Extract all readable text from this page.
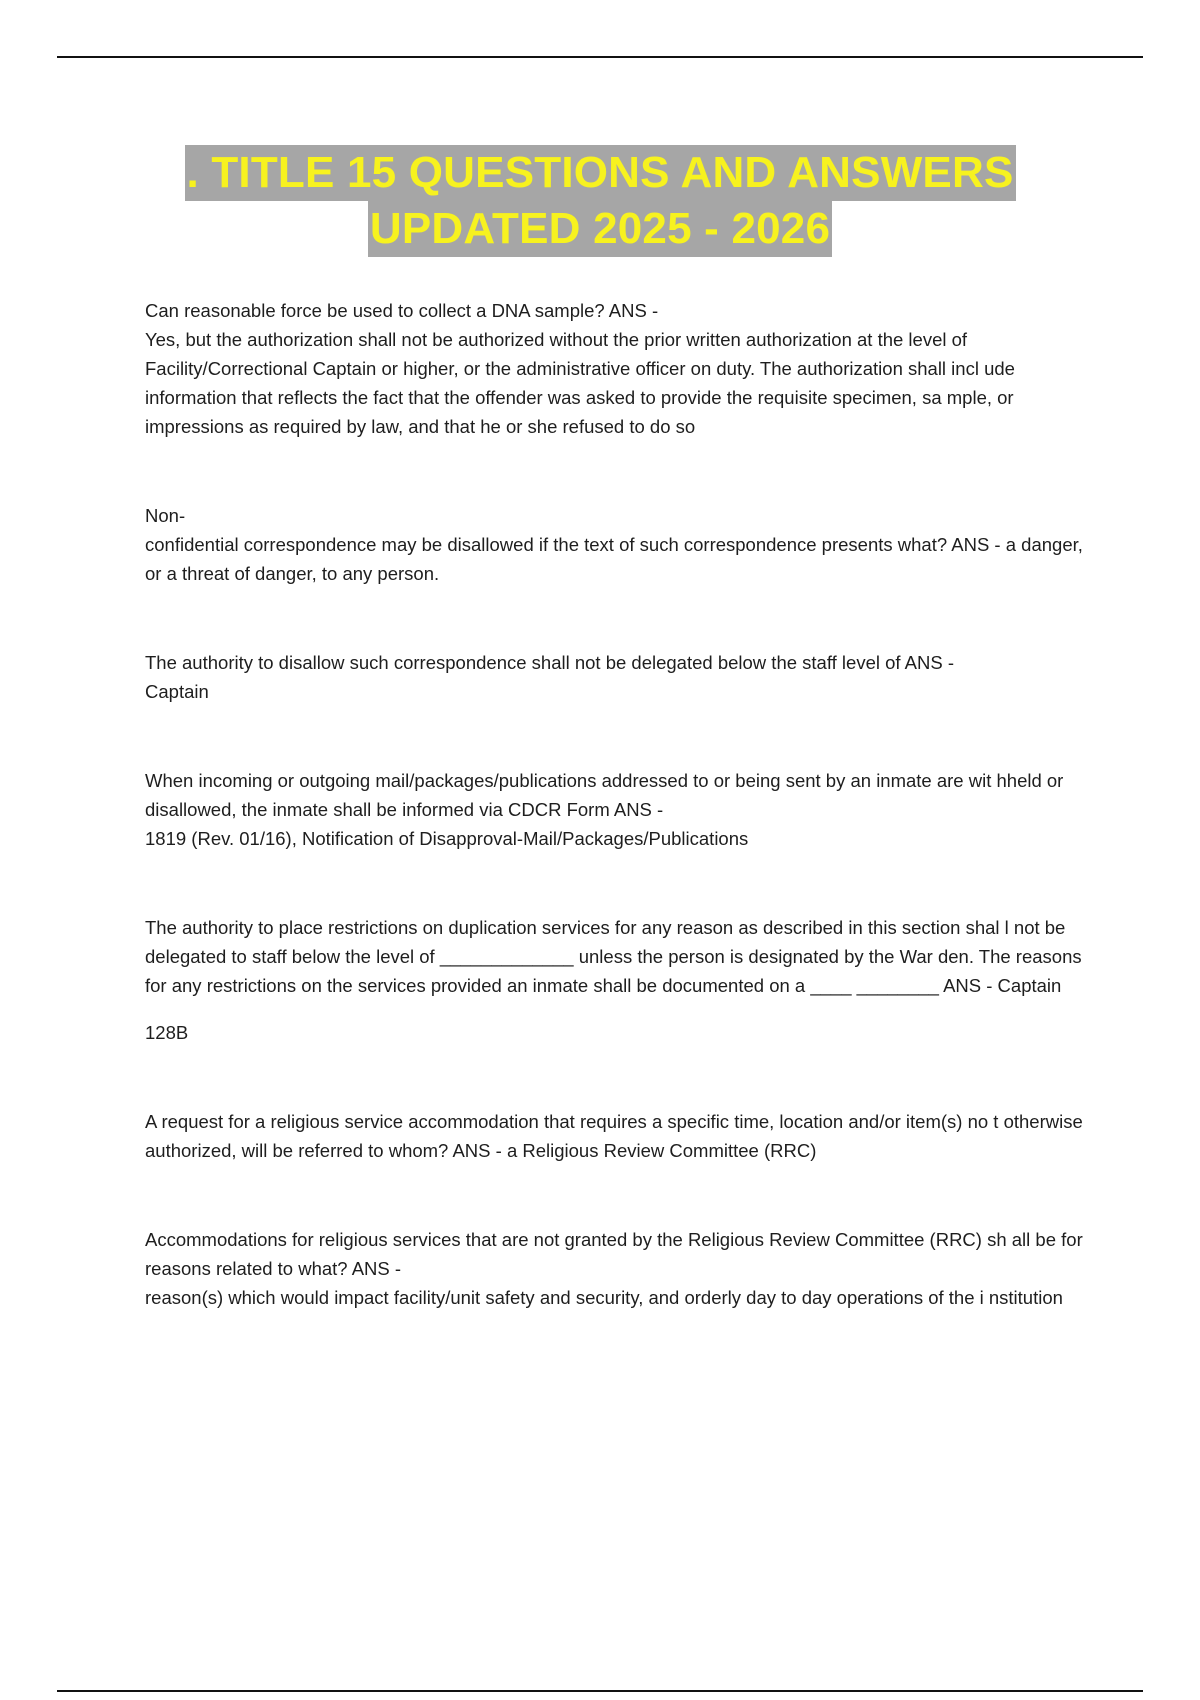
. TITLE 15 QUESTIONS AND ANSWERS
UPDATED 2025 - 2026

Can reasonable force be used to collect a DNA sample? ANS -
Yes, but the authorization shall not be authorized without the prior written authorization at the level of Facility/Correctional Captain or higher, or the administrative officer on duty. The authorization shall incl ude information that reflects the fact that the offender was asked to provide the requisite specimen, sa mple, or impressions as required by law, and that he or she refused to do so

Non-
confidential correspondence may be disallowed if the text of such correspondence presents what? ANS - a danger, or a threat of danger, to any person.

The authority to disallow such correspondence shall not be delegated below the staff level of ANS -
Captain

When incoming or outgoing mail/packages/publications addressed to or being sent by an inmate are wit hheld or disallowed, the inmate shall be informed via CDCR Form ANS -
1819 (Rev. 01/16), Notification of Disapproval-Mail/Packages/Publications

The authority to place restrictions on duplication services for any reason as described in this section shal l not be delegated to staff below the level of _____________ unless the person is designated by the War den. The reasons for any restrictions on the services provided an inmate shall be documented on a ____ ________ ANS - Captain

128B

A request for a religious service accommodation that requires a specific time, location and/or item(s) no t otherwise authorized, will be referred to whom? ANS - a Religious Review Committee (RRC)

Accommodations for religious services that are not granted by the Religious Review Committee (RRC) sh all be for reasons related to what? ANS -
reason(s) which would impact facility/unit safety and security, and orderly day to day operations of the i nstitution
